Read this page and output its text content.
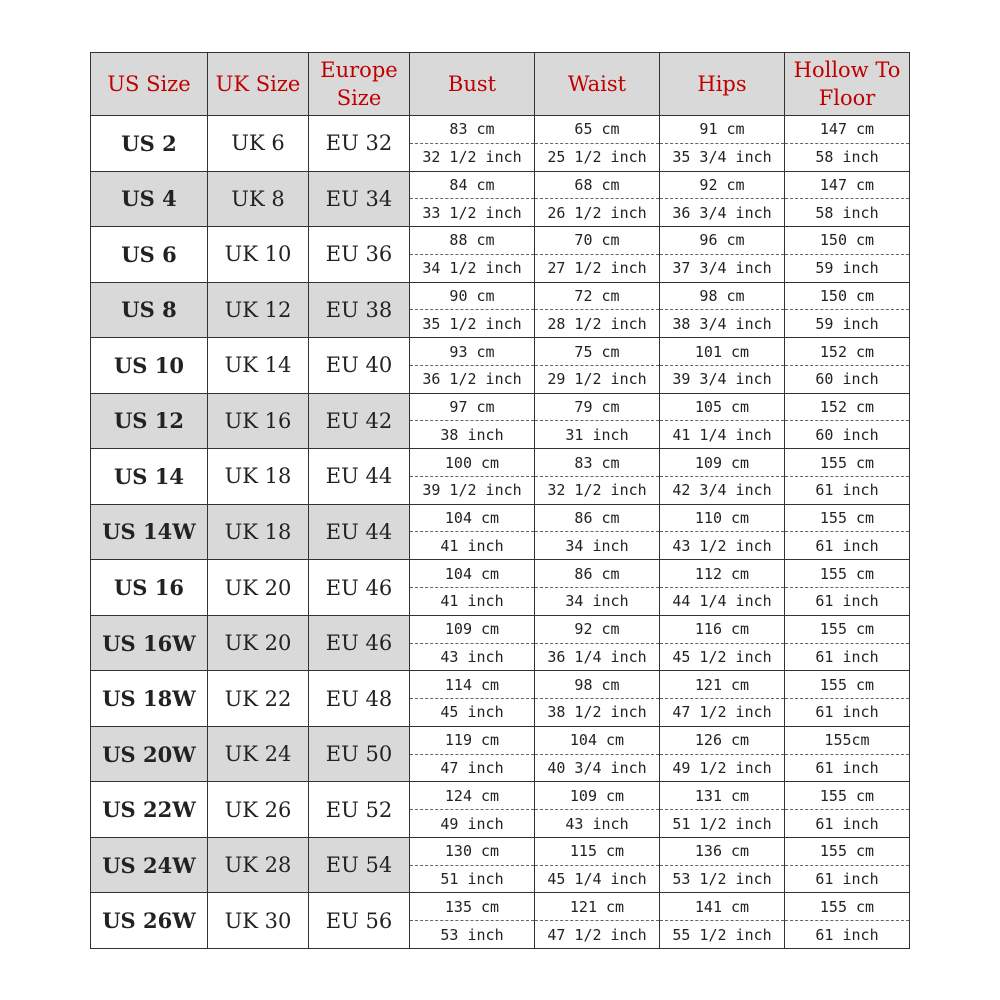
US Size	UK Size	Europe Size	Bust	Waist	Hips	Hollow To Floor
US 2	UK 6	EU 32	83 cm	65 cm	91 cm	147 cm
			32 1/2 inch	25 1/2 inch	35 3/4 inch	58 inch
US 4	UK 8	EU 34	84 cm	68 cm	92 cm	147 cm
			33 1/2 inch	26 1/2 inch	36 3/4 inch	58 inch
US 6	UK 10	EU 36	88 cm	70 cm	96 cm	150 cm
			34 1/2 inch	27 1/2 inch	37 3/4 inch	59 inch
US 8	UK 12	EU 38	90 cm	72 cm	98 cm	150 cm
			35 1/2 inch	28 1/2 inch	38 3/4 inch	59 inch
US 10	UK 14	EU 40	93 cm	75 cm	101 cm	152 cm
			36 1/2 inch	29 1/2 inch	39 3/4 inch	60 inch
US 12	UK 16	EU 42	97 cm	79 cm	105 cm	152 cm
			38 inch	31 inch	41 1/4 inch	60 inch
US 14	UK 18	EU 44	100 cm	83 cm	109 cm	155 cm
			39 1/2 inch	32 1/2 inch	42 3/4 inch	61 inch
US 14W	UK 18	EU 44	104 cm	86 cm	110 cm	155 cm
			41 inch	34 inch	43 1/2 inch	61 inch
US 16	UK 20	EU 46	104 cm	86 cm	112 cm	155 cm
			41 inch	34 inch	44 1/4 inch	61 inch
US 16W	UK 20	EU 46	109 cm	92 cm	116 cm	155 cm
			43 inch	36 1/4 inch	45 1/2 inch	61 inch
US 18W	UK 22	EU 48	114 cm	98 cm	121 cm	155 cm
			45 inch	38 1/2 inch	47 1/2 inch	61 inch
US 20W	UK 24	EU 50	119 cm	104 cm	126 cm	155cm
			47 inch	40 3/4 inch	49 1/2 inch	61 inch
US 22W	UK 26	EU 52	124 cm	109 cm	131 cm	155 cm
			49 inch	43 inch	51 1/2 inch	61 inch
US 24W	UK 28	EU 54	130 cm	115 cm	136 cm	155 cm
			51 inch	45 1/4 inch	53 1/2 inch	61 inch
US 26W	UK 30	EU 56	135 cm	121 cm	141 cm	155 cm
			53 inch	47 1/2 inch	55 1/2 inch	61 inch
